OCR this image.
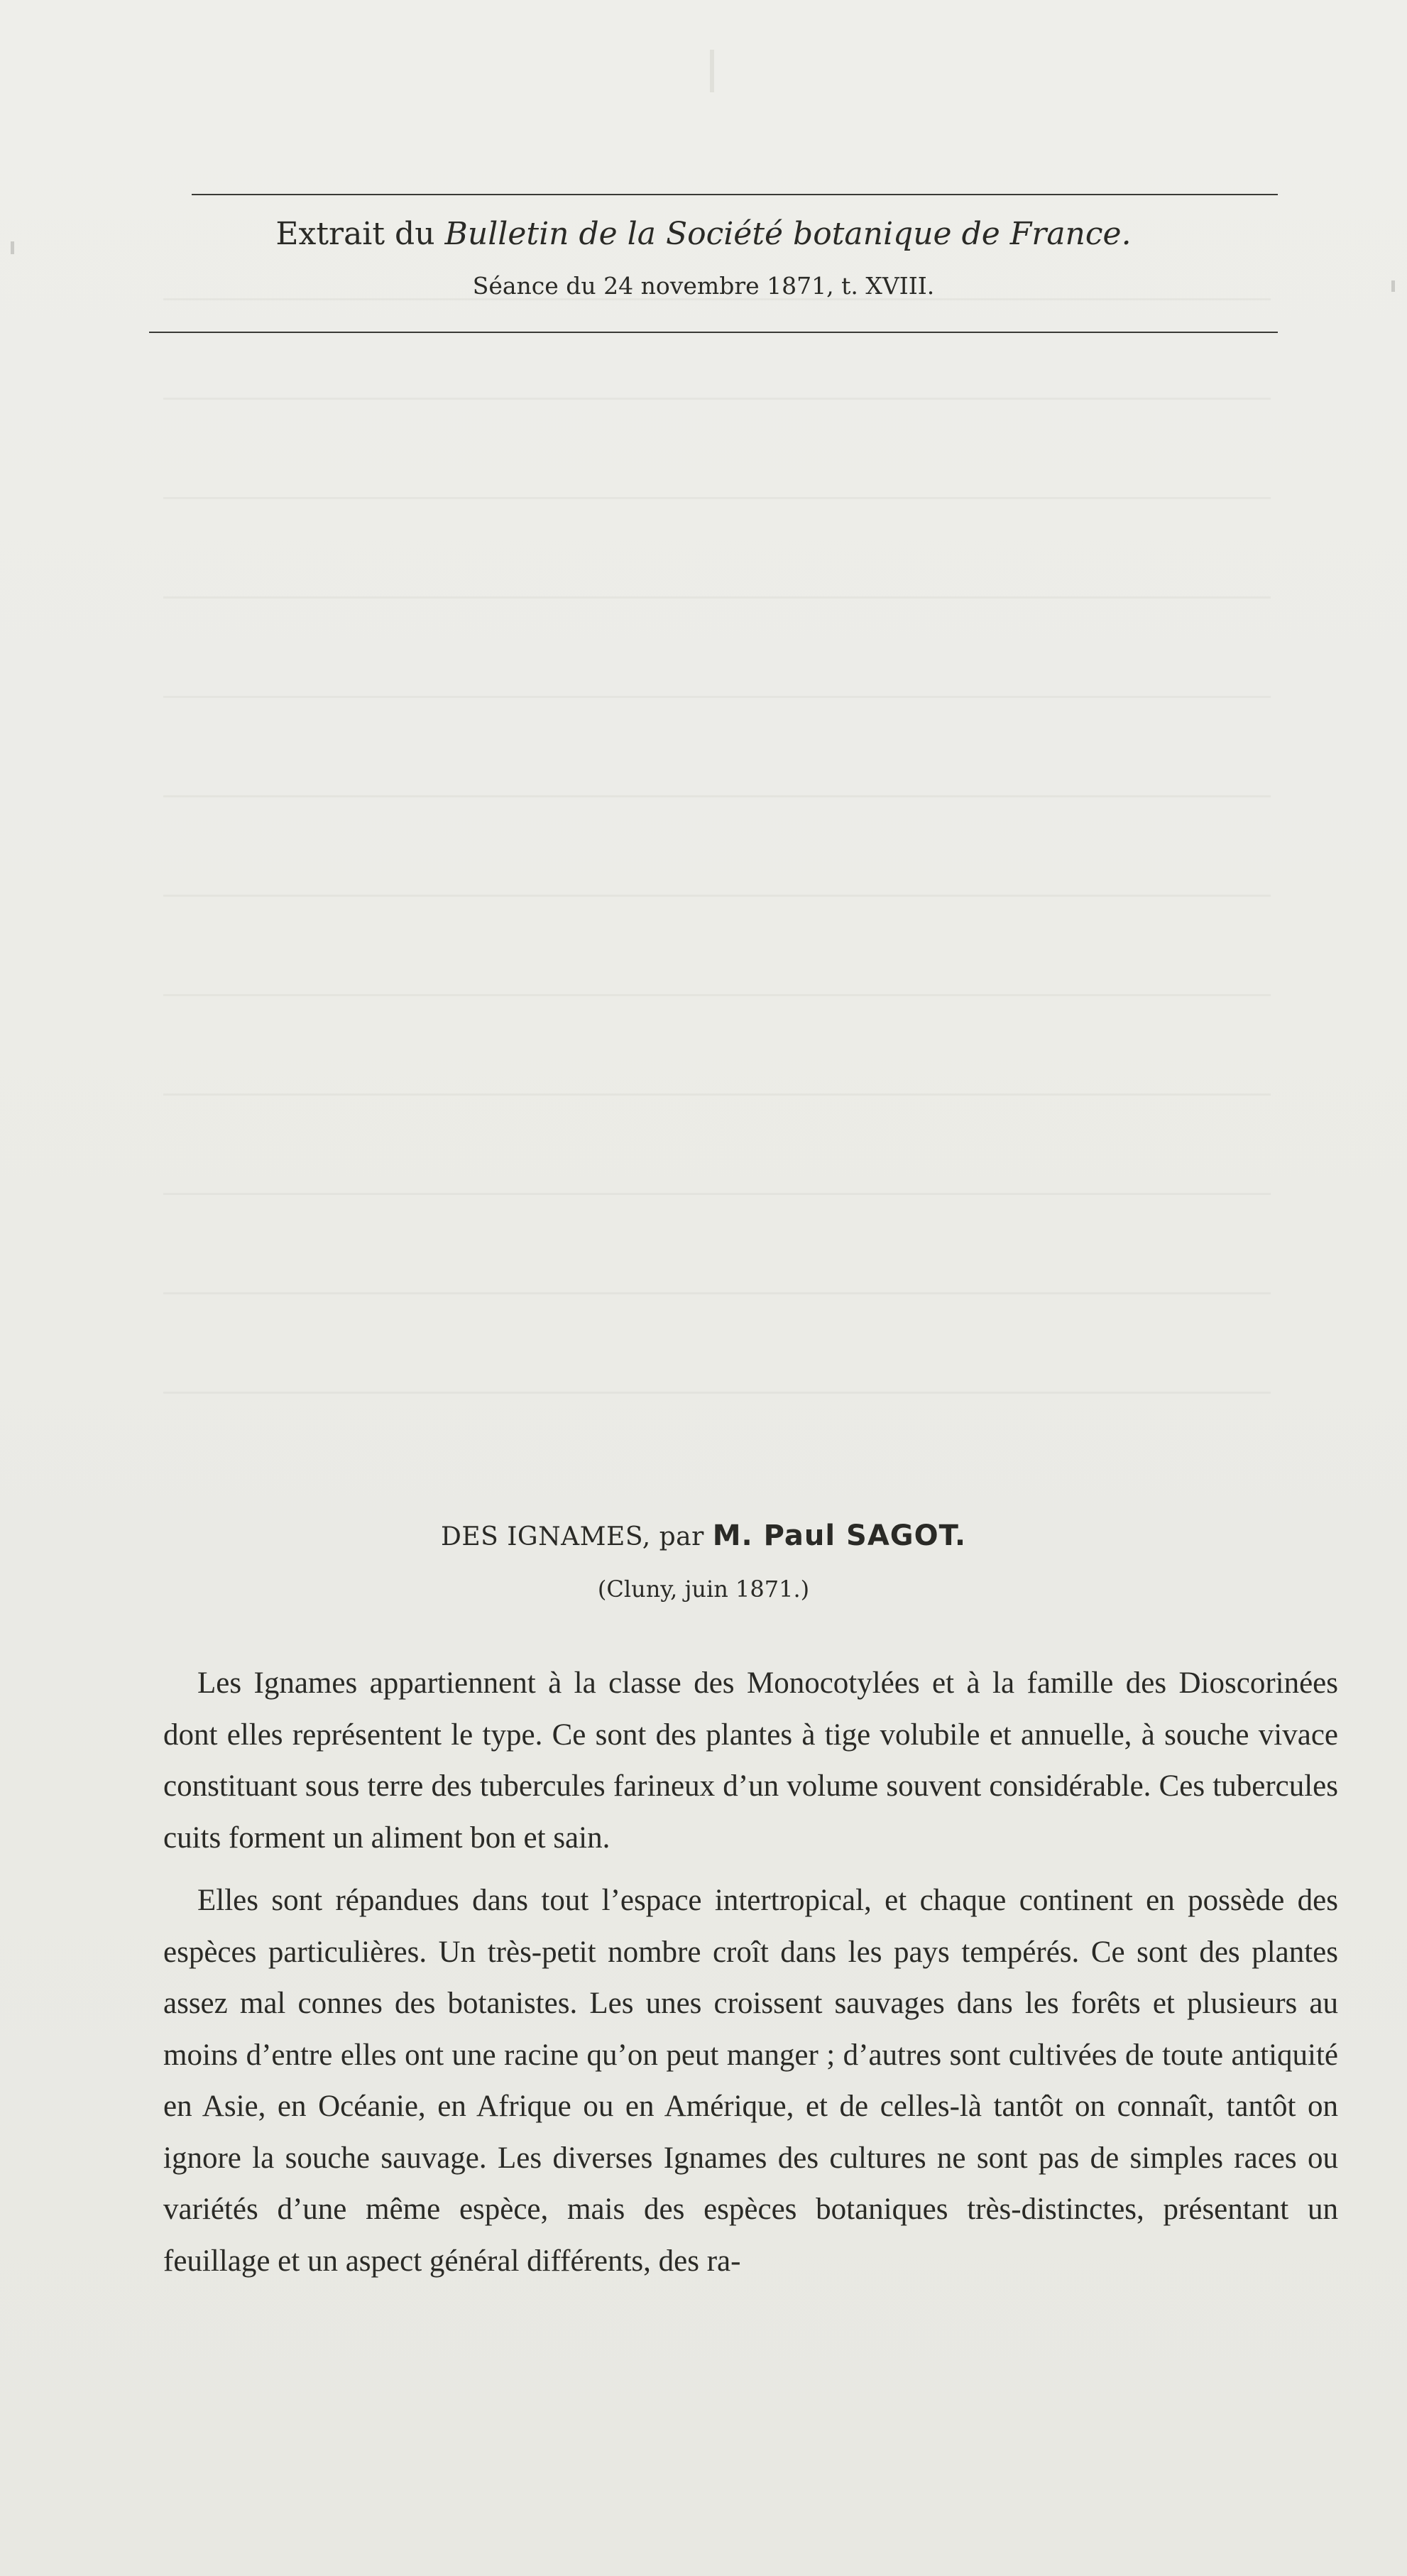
Extrait du Bulletin de la Société botanique de France.
Séance du 24 novembre 1871, t. XVIII.
DES IGNAMES, par M. Paul SAGOT.
(Cluny, juin 1871.)

Les Ignames appartiennent à la classe des Monocotylées et à la famille des Dioscorinées dont elles représentent le type. Ce sont des plantes à tige volubile et annuelle, à souche vivace constituant sous terre des tubercules farineux d’un volume souvent considérable. Ces tubercules cuits forment un aliment bon et sain.

Elles sont répandues dans tout l’espace intertropical, et chaque continent en possède des espèces particulières. Un très-petit nombre croît dans les pays tempérés. Ce sont des plantes assez mal connes des botanistes. Les unes croissent sauvages dans les forêts et plusieurs au moins d’entre elles ont une racine qu’on peut manger ; d’autres sont cultivées de toute antiquité en Asie, en Océanie, en Afrique ou en Amérique, et de celles-là tantôt on connaît, tantôt on ignore la souche sauvage. Les diverses Ignames des cultures ne sont pas de simples races ou variétés d’une même espèce, mais des espèces botaniques très-distinctes, présentant un feuillage et un aspect général différents, des ra-
